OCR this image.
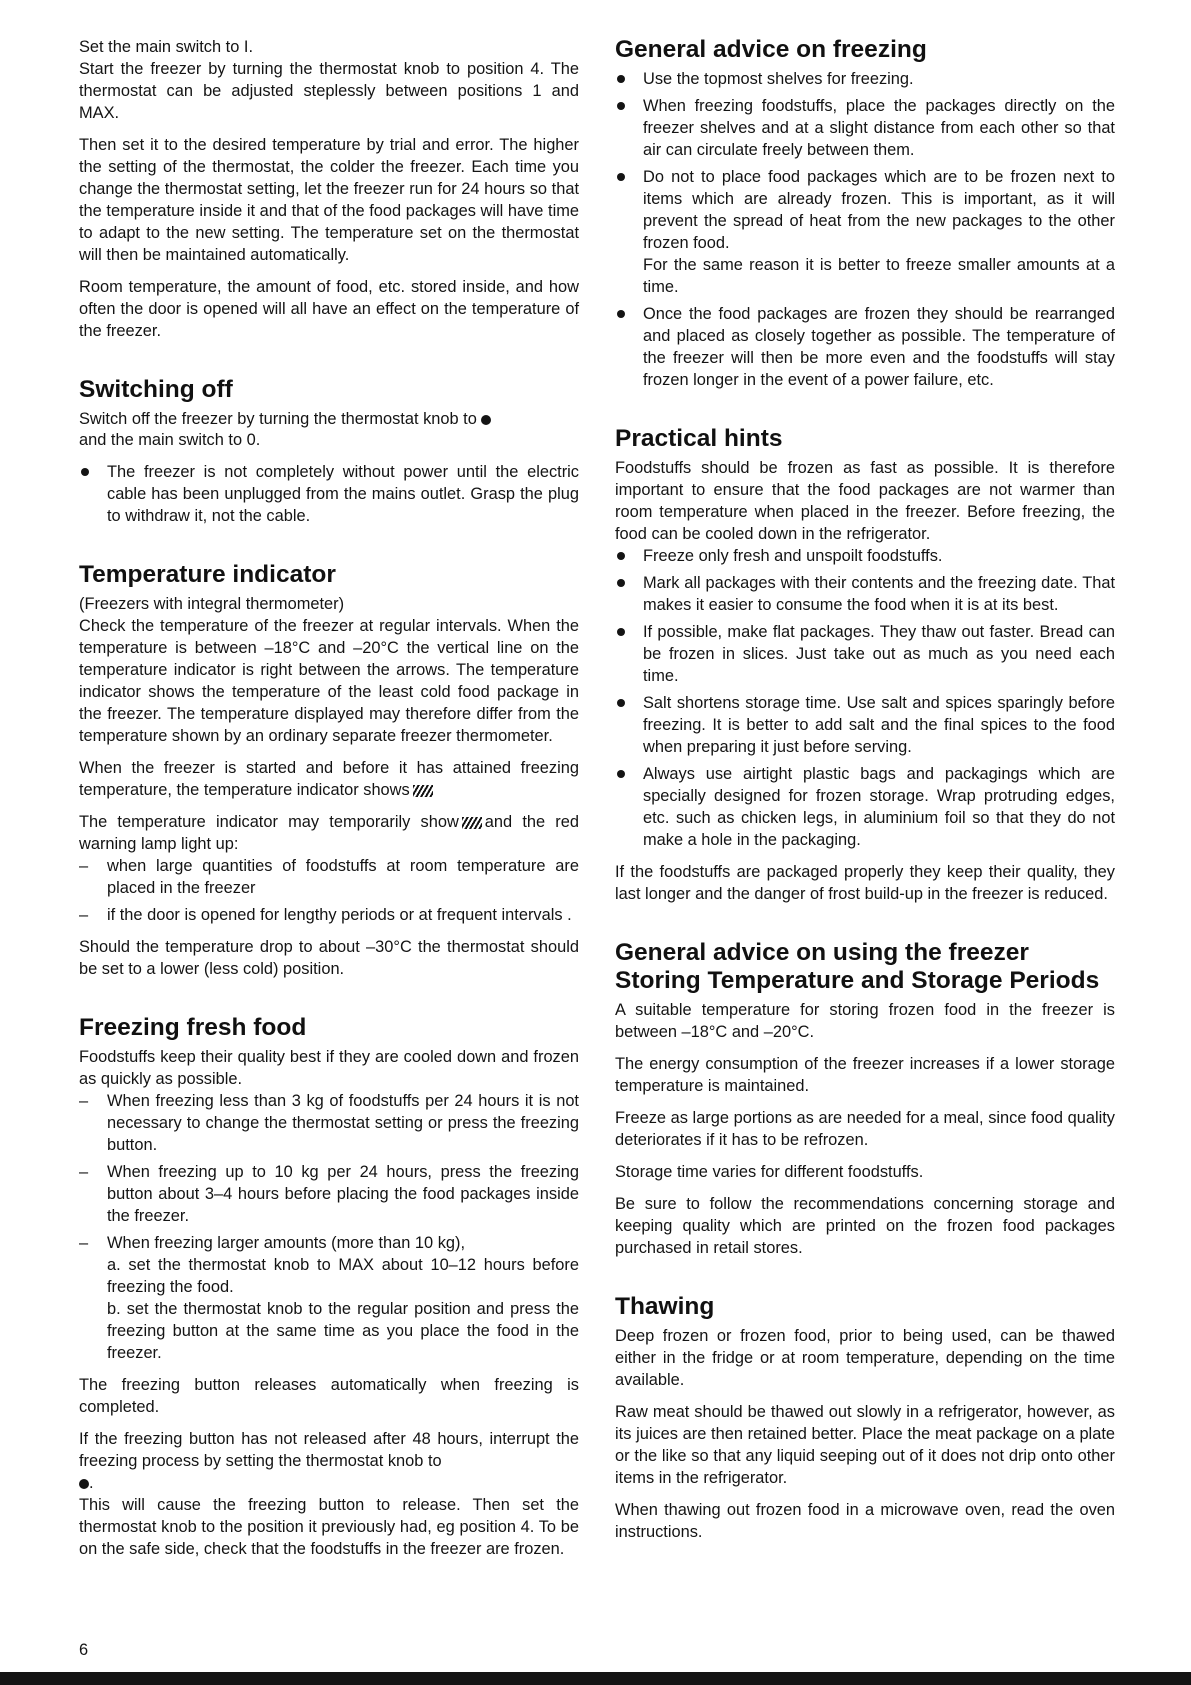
Set the main switch to I.

Start the freezer by turning the thermostat knob to position 4. The thermostat can be adjusted steplessly between positions 1 and MAX.

Then set it to the desired temperature by trial and error. The higher the setting of the thermostat, the colder the freezer. Each time you change the thermostat setting, let the freezer run for 24 hours so that the temperature inside it and that of the food packages will have time to adapt to the new setting. The temperature set on the thermostat will then be maintained automatically.

Room temperature, the amount of food, etc. stored inside, and how often the door is opened will all have an effect on the temperature of the freezer.

Switching off

Switch off the freezer by turning the thermostat knob to

and the main switch to 0.

The freezer is not completely without power until the electric cable has been unplugged from the mains outlet. Grasp the plug to withdraw it, not the cable.
Temperature indicator

(Freezers with integral thermometer)

Check the temperature of the freezer at regular intervals. When the temperature is between –18°C and –20°C the vertical line on the temperature indicator is right between the arrows. The temperature indicator shows the temperature of the least cold food package in the freezer. The temperature displayed may therefore differ from the temperature shown by an ordinary separate freezer thermometer.

When the freezer is started and before it has attained freezing temperature, the temperature indicator shows

The temperature indicator may temporarily show and the red warning lamp light up:

– when large quantities of foodstuffs at room temperature are placed in the freezer
– if the door is opened for lengthy periods or at frequent intervals .

Should the temperature drop to about –30°C the thermostat should be set to a lower (less cold) position.

Freezing fresh food

Foodstuffs keep their quality best if they are cooled down and frozen as quickly as possible.

– When freezing less than 3 kg of foodstuffs per 24 hours it is not necessary to change the thermostat setting or press the freezing button.
– When freezing up to 10 kg per 24 hours, press the freezing button about 3–4 hours before placing the food packages inside the freezer.
– When freezing larger amounts (more than 10 kg),
a. set the thermostat knob to MAX about 10–12 hours before freezing the food.
b. set the thermostat knob to the regular position and press the freezing button at the same time as you place the food in the freezer.

The freezing button releases automatically when freezing is completed.

If the freezing button has not released after 48 hours, interrupt the freezing process by setting the thermostat knob to
.

This will cause the freezing button to release. Then set the thermostat knob to the position it previously had, eg position 4. To be on the safe side, check that the foodstuffs in the freezer are frozen.

General advice on freezing
Use the topmost shelves for freezing.
When freezing foodstuffs, place the packages directly on the freezer shelves and at a slight distance from each other so that air can circulate freely between them.
Do not to place food packages which are to be frozen next to items which are already frozen. This is important, as it will prevent the spread of heat from the new packages to the other frozen food.
For the same reason it is better to freeze smaller amounts at a time.
Once the food packages are frozen they should be rearranged and placed as closely together as possible. The temperature of the freezer will then be more even and the foodstuffs will stay frozen longer in the event of a power failure, etc.
Practical hints

Foodstuffs should be frozen as fast as possible. It is therefore important to ensure that the food packages are not warmer than room temperature when placed in the freezer. Before freezing, the food can be cooled down in the refrigerator.

Freeze only fresh and unspoilt foodstuffs.
Mark all packages with their contents and the freezing date. That makes it easier to consume the food when it is at its best.
If possible, make flat packages. They thaw out faster. Bread can be frozen in slices. Just take out as much as you need each time.
Salt shortens storage time. Use salt and spices sparingly before freezing. It is better to add salt and the final spices to the food when preparing it just before serving.
Always use airtight plastic bags and packagings which are specially designed for frozen storage. Wrap protruding edges, etc. such as chicken legs, in aluminium foil so that they do not make a hole in the packaging.

If the foodstuffs are packaged properly they keep their quality, they last longer and the danger of frost build-up in the freezer is reduced.

General advice on using the freezer
Storing Temperature and Storage Periods

A suitable temperature for storing frozen food in the freezer is between –18°C and –20°C.

The energy consumption of the freezer increases if a lower storage temperature is maintained.

Freeze as large portions as are needed for a meal, since food quality deteriorates if it has to be refrozen.

Storage time varies for different foodstuffs.

Be sure to follow the recommendations concerning storage and keeping quality which are printed on the frozen food packages purchased in retail stores.

Thawing

Deep frozen or frozen food, prior to being used, can be thawed either in the fridge or at room temperature, depending on the time available.

Raw meat should be thawed out slowly in a refrigerator, however, as its juices are then retained better. Place the meat package on a plate or the like so that any liquid seeping out of it does not drip onto other items in the refrigerator.

When thawing out frozen food in a microwave oven, read the oven instructions.

6
